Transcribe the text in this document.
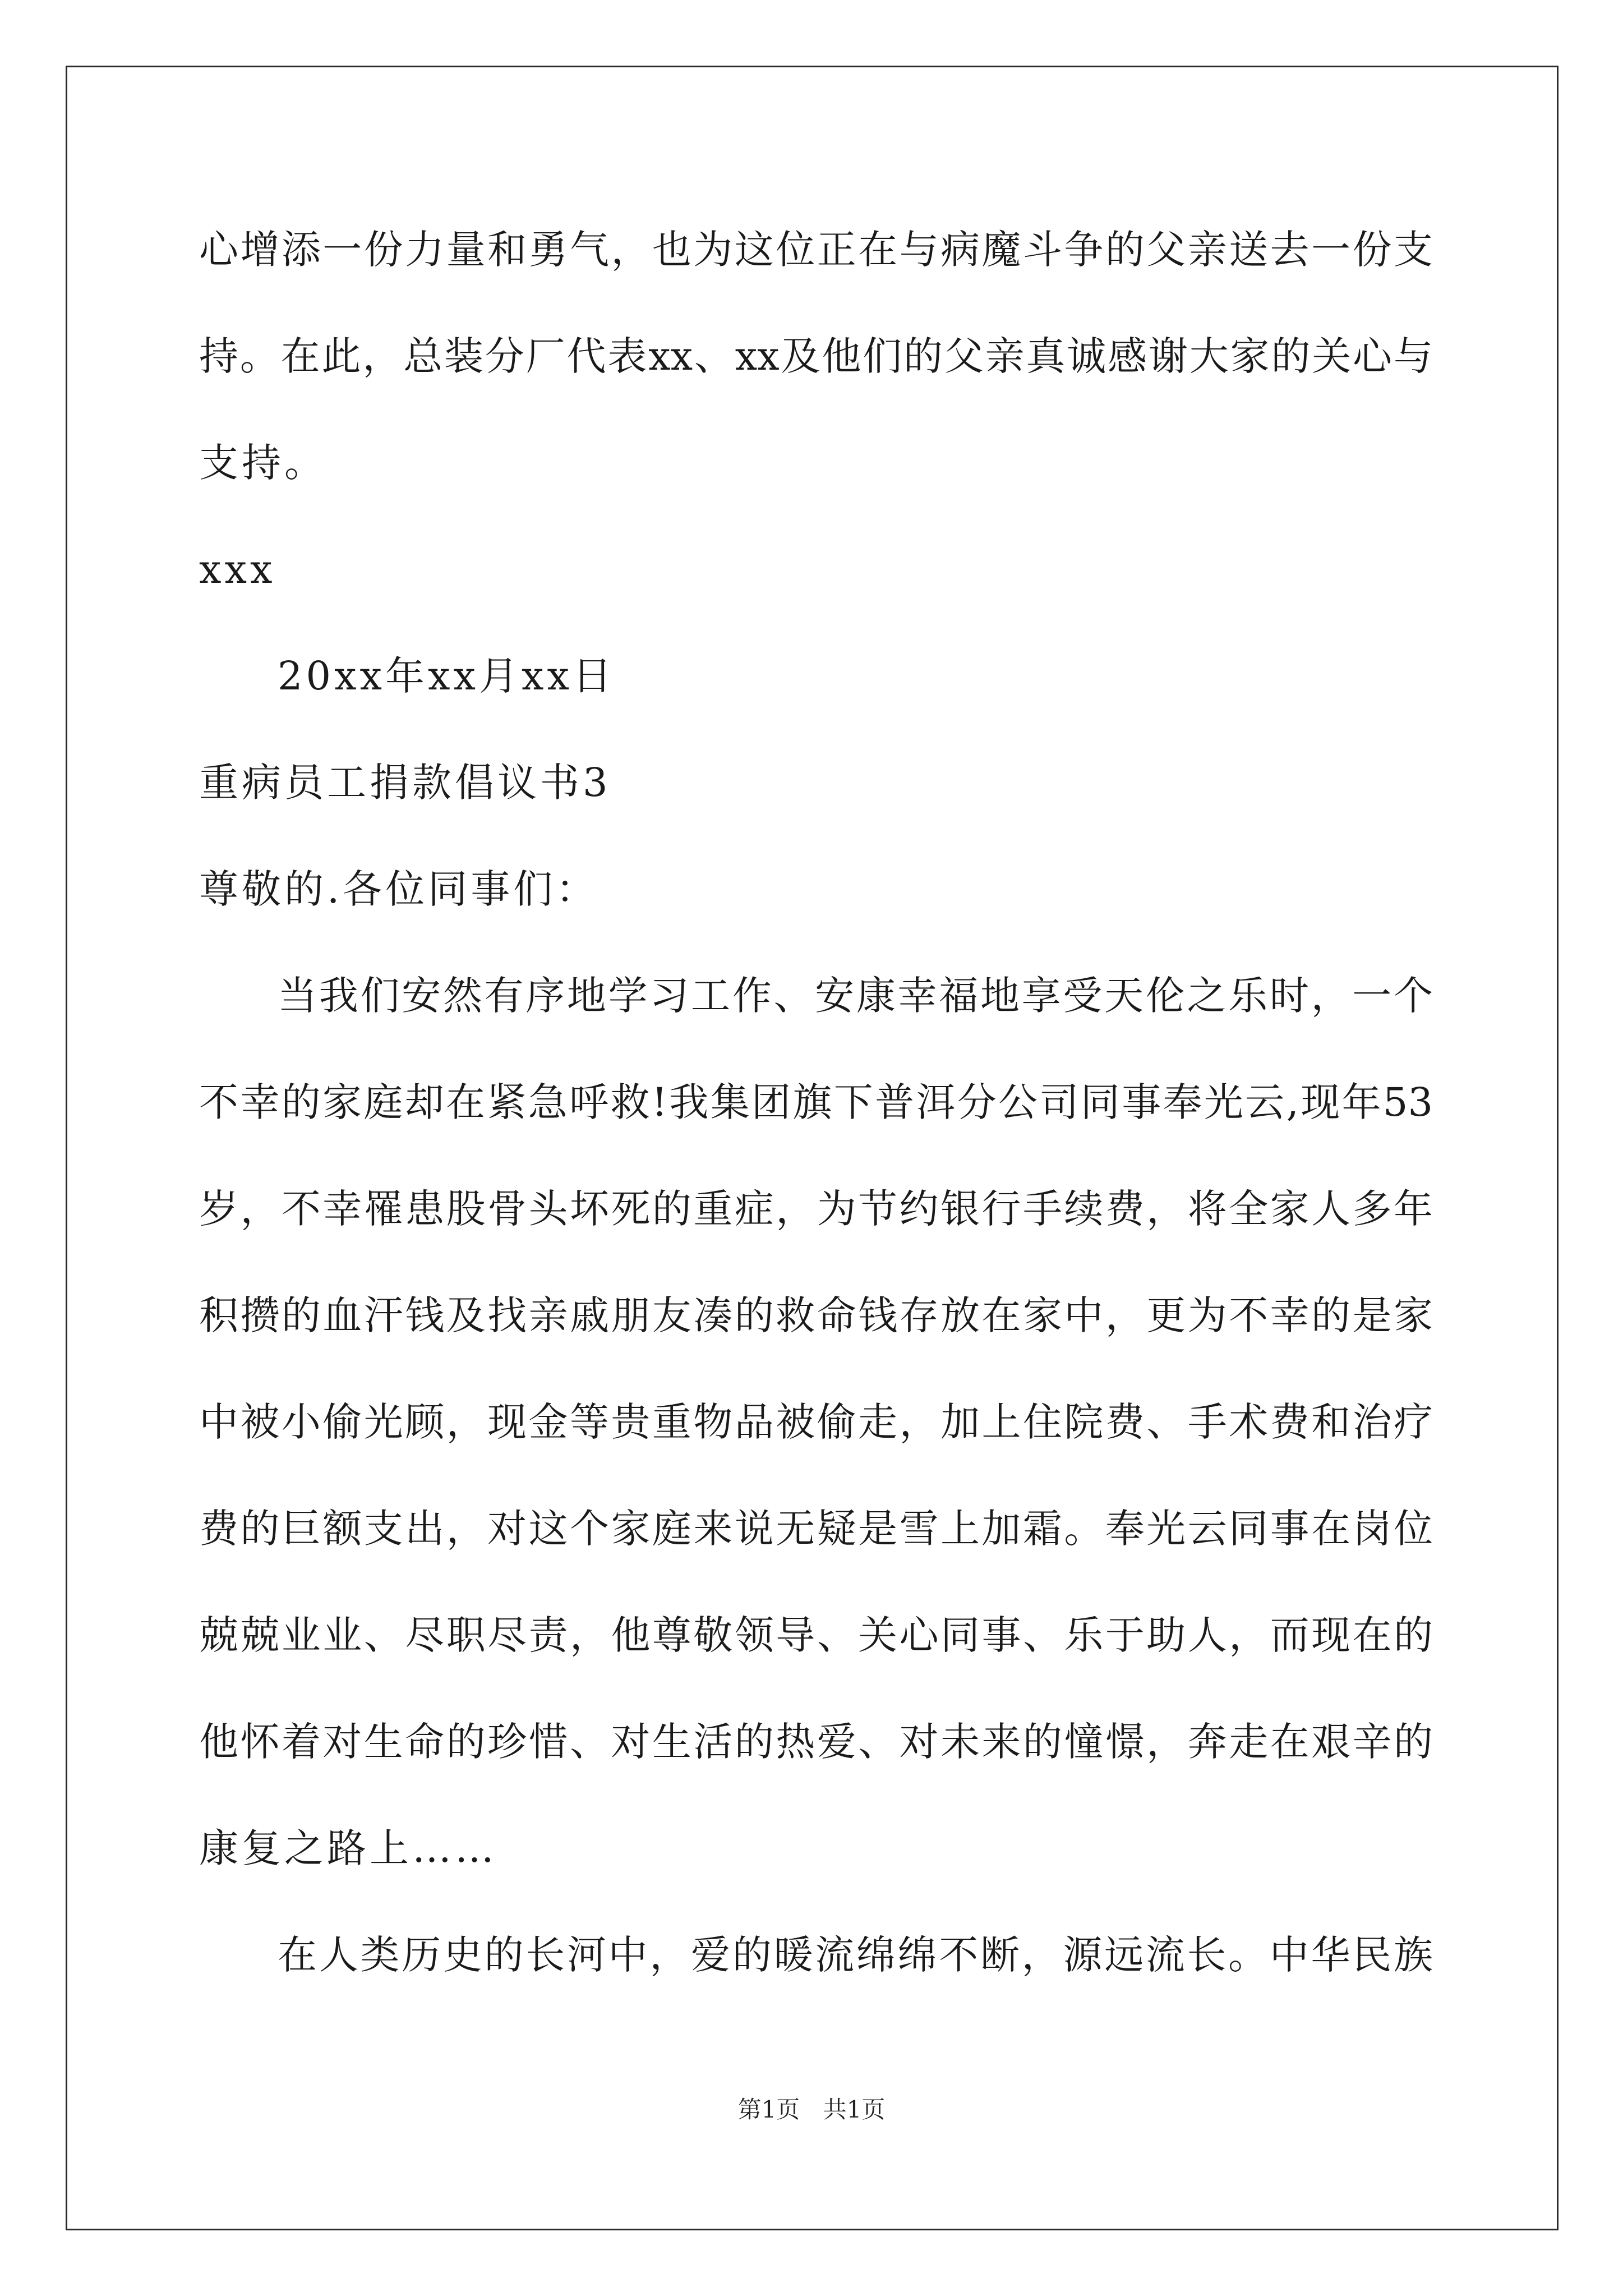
心增添一份力量和勇气，也为这位正在与病魔斗争的父亲送去一份支
持。在此，总装分厂代表xx、xx及他们的父亲真诚感谢大家的关心与
支持。
xxx
20xx年xx月xx日
重病员工捐款倡议书3
尊敬的.各位同事们：
当我们安然有序地学习工作、安康幸福地享受天伦之乐时，一个
不幸的家庭却在紧急呼救!我集团旗下普洱分公司同事奉光云,现年53
岁，不幸罹患股骨头坏死的重症，为节约银行手续费，将全家人多年
积攒的血汗钱及找亲戚朋友凑的救命钱存放在家中，更为不幸的是家
中被小偷光顾，现金等贵重物品被偷走，加上住院费、手术费和治疗
费的巨额支出，对这个家庭来说无疑是雪上加霜。奉光云同事在岗位
兢兢业业、尽职尽责，他尊敬领导、关心同事、乐于助人，而现在的
他怀着对生命的珍惜、对生活的热爱、对未来的憧憬，奔走在艰辛的
康复之路上……
在人类历史的长河中，爱的暖流绵绵不断，源远流长。中华民族
第1页 共1页
